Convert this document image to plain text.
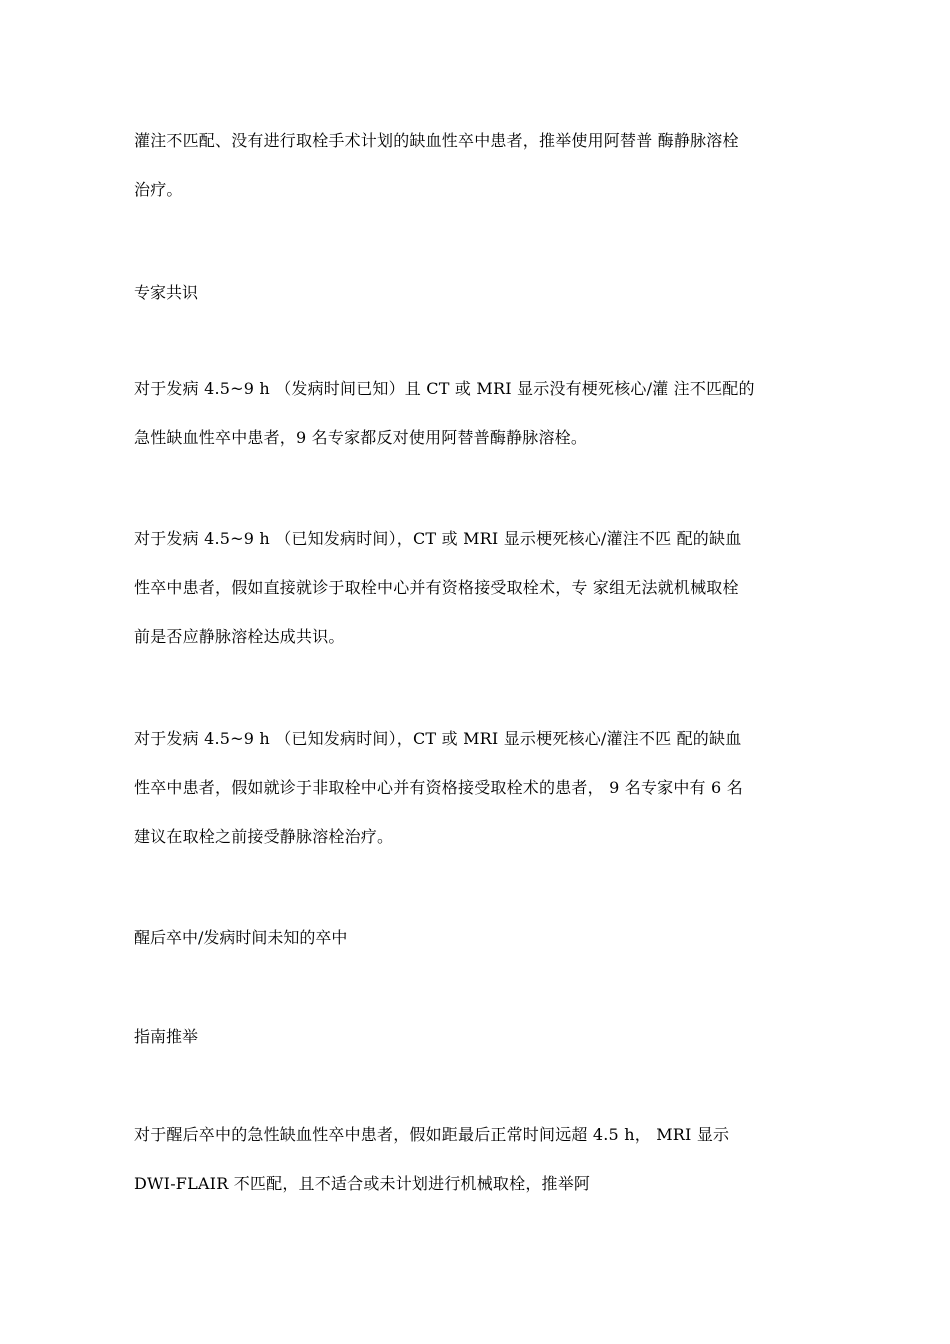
灌注不匹配、没有进行取栓手术计划的缺血性卒中患者，推举使用阿替普 酶静脉溶栓
治疗。

专家共识

对于发病 4.5~9 h （发病时间已知）且 CT 或 MRI 显示没有梗死核心/灌 注不匹配的
急性缺血性卒中患者，9 名专家都反对使用阿替普酶静脉溶栓。

对于发病 4.5~9 h （已知发病时间），CT 或 MRI 显示梗死核心/灌注不匹 配的缺血
性卒中患者，假如直接就诊于取栓中心并有资格接受取栓术，专 家组无法就机械取栓
前是否应静脉溶栓达成共识。

对于发病 4.5~9 h （已知发病时间），CT 或 MRI 显示梗死核心/灌注不匹 配的缺血
性卒中患者，假如就诊于非取栓中心并有资格接受取栓术的患者， 9 名专家中有 6 名
建议在取栓之前接受静脉溶栓治疗。

醒后卒中/发病时间未知的卒中
指南推举

对于醒后卒中的急性缺血性卒中患者，假如距最后正常时间远超 4.5 h， MRI 显示
DWI-FLAIR 不匹配，且不适合或未计划进行机械取栓，推举阿
